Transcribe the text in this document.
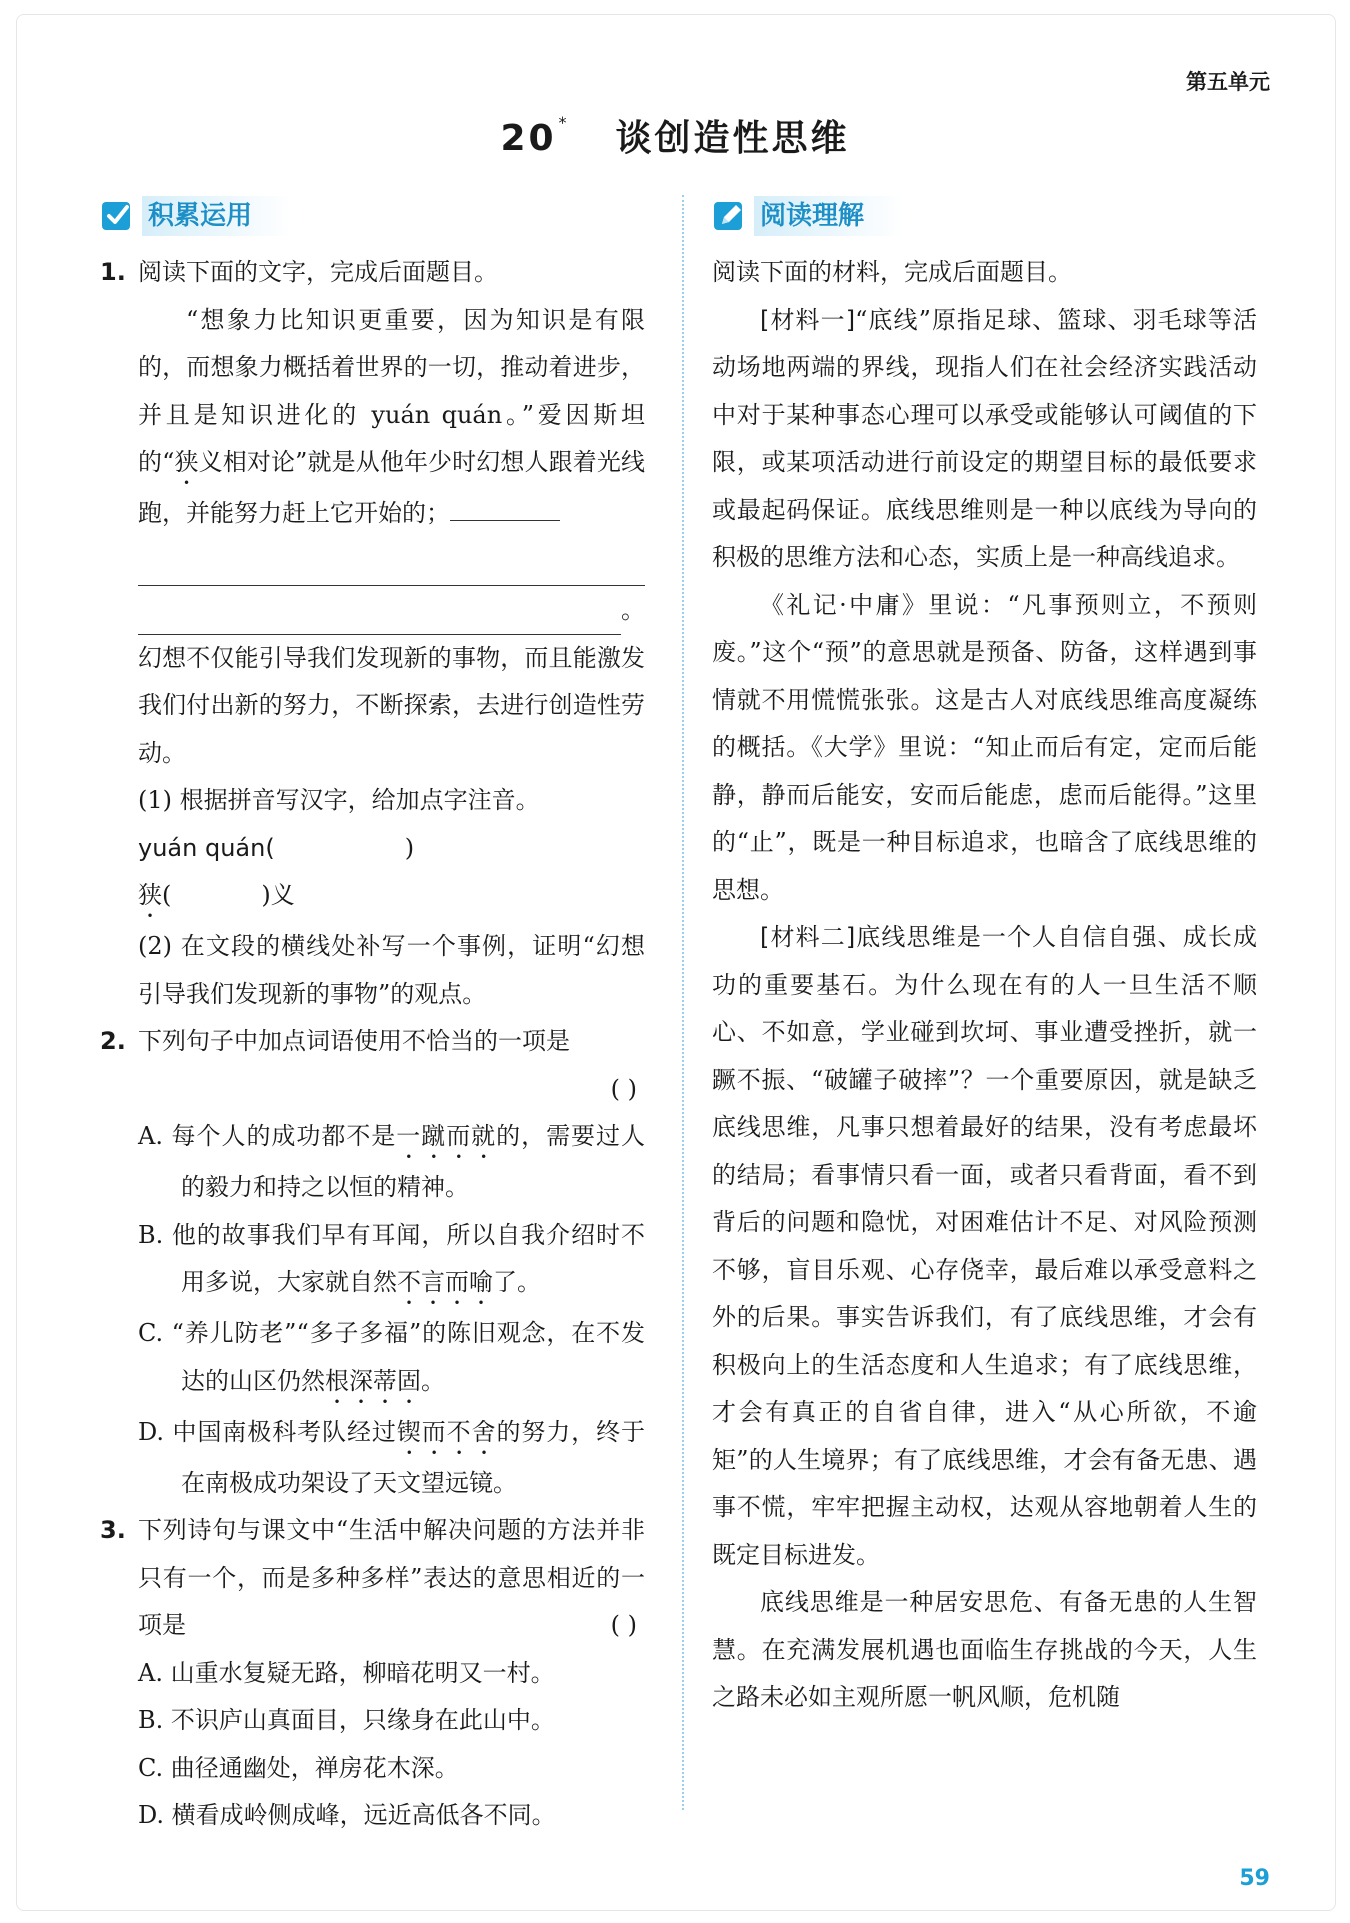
第五单元
20 * 谈创造性思维
积累运用
1. 阅读下面的文字，完成后面题目。

“想象力比知识更重要，因为知识是有限的，而想象力概括着世界的一切，推动着进步，并且是知识进化的 yuán quán。”爱因斯坦的“狭义相对论”就是从他年少时幻想人跟着光线跑，并能努力赶上它开始的；

。

幻想不仅能引导我们发现新的事物，而且能激发我们付出新的努力，不断探索，去进行创造性劳动。

(1) 根据拼音写汉字，给加点字注音。

yuán quán(	)

狭(	)义

(2) 在文段的横线处补写一个事例，证明“幻想引导我们发现新的事物”的观点。

2. 下列句子中加点词语使用不恰当的一项是

( )

A. 每个人的成功都不是一蹴而就的，需要过人的毅力和持之以恒的精神。

B. 他的故事我们早有耳闻，所以自我介绍时不用多说，大家就自然不言而喻了。

C. “养儿防老”“多子多福”的陈旧观念，在不发达的山区仍然根深蒂固。

D. 中国南极科考队经过锲而不舍的努力，终于在南极成功架设了天文望远镜。

3. 下列诗句与课文中“生活中解决问题的方法并非只有一个，而是多种多样”表达的意思相近的一项是	( )

A. 山重水复疑无路，柳暗花明又一村。

B. 不识庐山真面目，只缘身在此山中。

C. 曲径通幽处，禅房花木深。

D. 横看成岭侧成峰，远近高低各不同。

阅读理解

阅读下面的材料，完成后面题目。

[材料一]“底线”原指足球、篮球、羽毛球等活动场地两端的界线，现指人们在社会经济实践活动中对于某种事态心理可以承受或能够认可阈值的下限，或某项活动进行前设定的期望目标的最低要求或最起码保证。底线思维则是一种以底线为导向的积极的思维方法和心态，实质上是一种高线追求。

《礼记·中庸》里说：“凡事预则立，不预则废。”这个“预”的意思就是预备、防备，这样遇到事情就不用慌慌张张。这是古人对底线思维高度凝练的概括。《大学》里说：“知止而后有定，定而后能静，静而后能安，安而后能虑，虑而后能得。”这里的“止”，既是一种目标追求，也暗含了底线思维的思想。

[材料二]底线思维是一个人自信自强、成长成功的重要基石。为什么现在有的人一旦生活不顺心、不如意，学业碰到坎坷、事业遭受挫折，就一蹶不振、“破罐子破摔”？一个重要原因，就是缺乏底线思维，凡事只想着最好的结果，没有考虑最坏的结局；看事情只看一面，或者只看背面，看不到背后的问题和隐忧，对困难估计不足、对风险预测不够，盲目乐观、心存侥幸，最后难以承受意料之外的后果。事实告诉我们，有了底线思维，才会有积极向上的生活态度和人生追求；有了底线思维，才会有真正的自省自律，进入“从心所欲，不逾矩”的人生境界；有了底线思维，才会有备无患、遇事不慌，牢牢把握主动权，达观从容地朝着人生的既定目标进发。

底线思维是一种居安思危、有备无患的人生智慧。在充满发展机遇也面临生存挑战的今天，人生之路未必如主观所愿一帆风顺，危机随

59
